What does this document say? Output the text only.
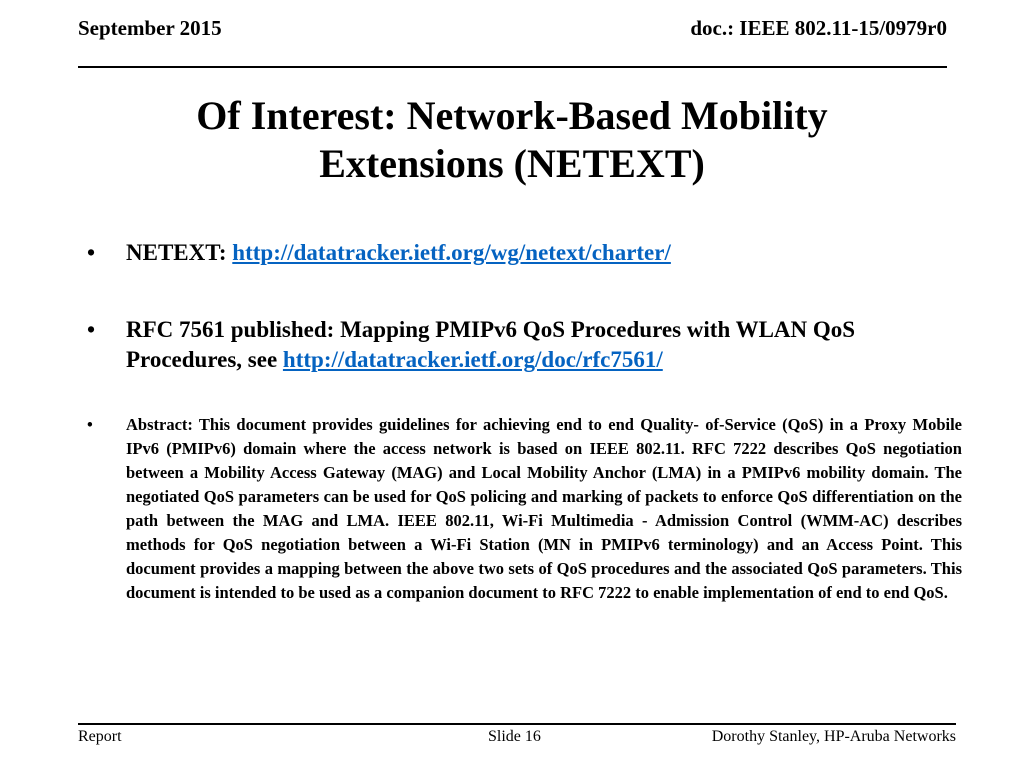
September 2015	doc.: IEEE 802.11-15/0979r0
Of Interest: Network-Based Mobility Extensions (NETEXT)
• NETEXT: http://datatracker.ietf.org/wg/netext/charter/
•	RFC 7561 published: Mapping PMIPv6 QoS Procedures with WLAN QoS Procedures, see http://datatracker.ietf.org/doc/rfc7561/
•	Abstract: This document provides guidelines for achieving end to end Quality- of-Service (QoS) in a Proxy Mobile IPv6 (PMIPv6) domain where the access network is based on IEEE 802.11. RFC 7222 describes QoS negotiation between a Mobility Access Gateway (MAG) and Local Mobility Anchor (LMA) in a PMIPv6 mobility domain. The negotiated QoS parameters can be used for QoS policing and marking of packets to enforce QoS differentiation on the path between the MAG and LMA. IEEE 802.11, Wi-Fi Multimedia - Admission Control (WMM-AC) describes methods for QoS negotiation between a Wi-Fi Station (MN in PMIPv6 terminology) and an Access Point. This document provides a mapping between the above two sets of QoS procedures and the associated QoS parameters. This document is intended to be used as a companion document to RFC 7222 to enable implementation of end to end QoS.
Report	Slide 16	Dorothy Stanley, HP-Aruba Networks
